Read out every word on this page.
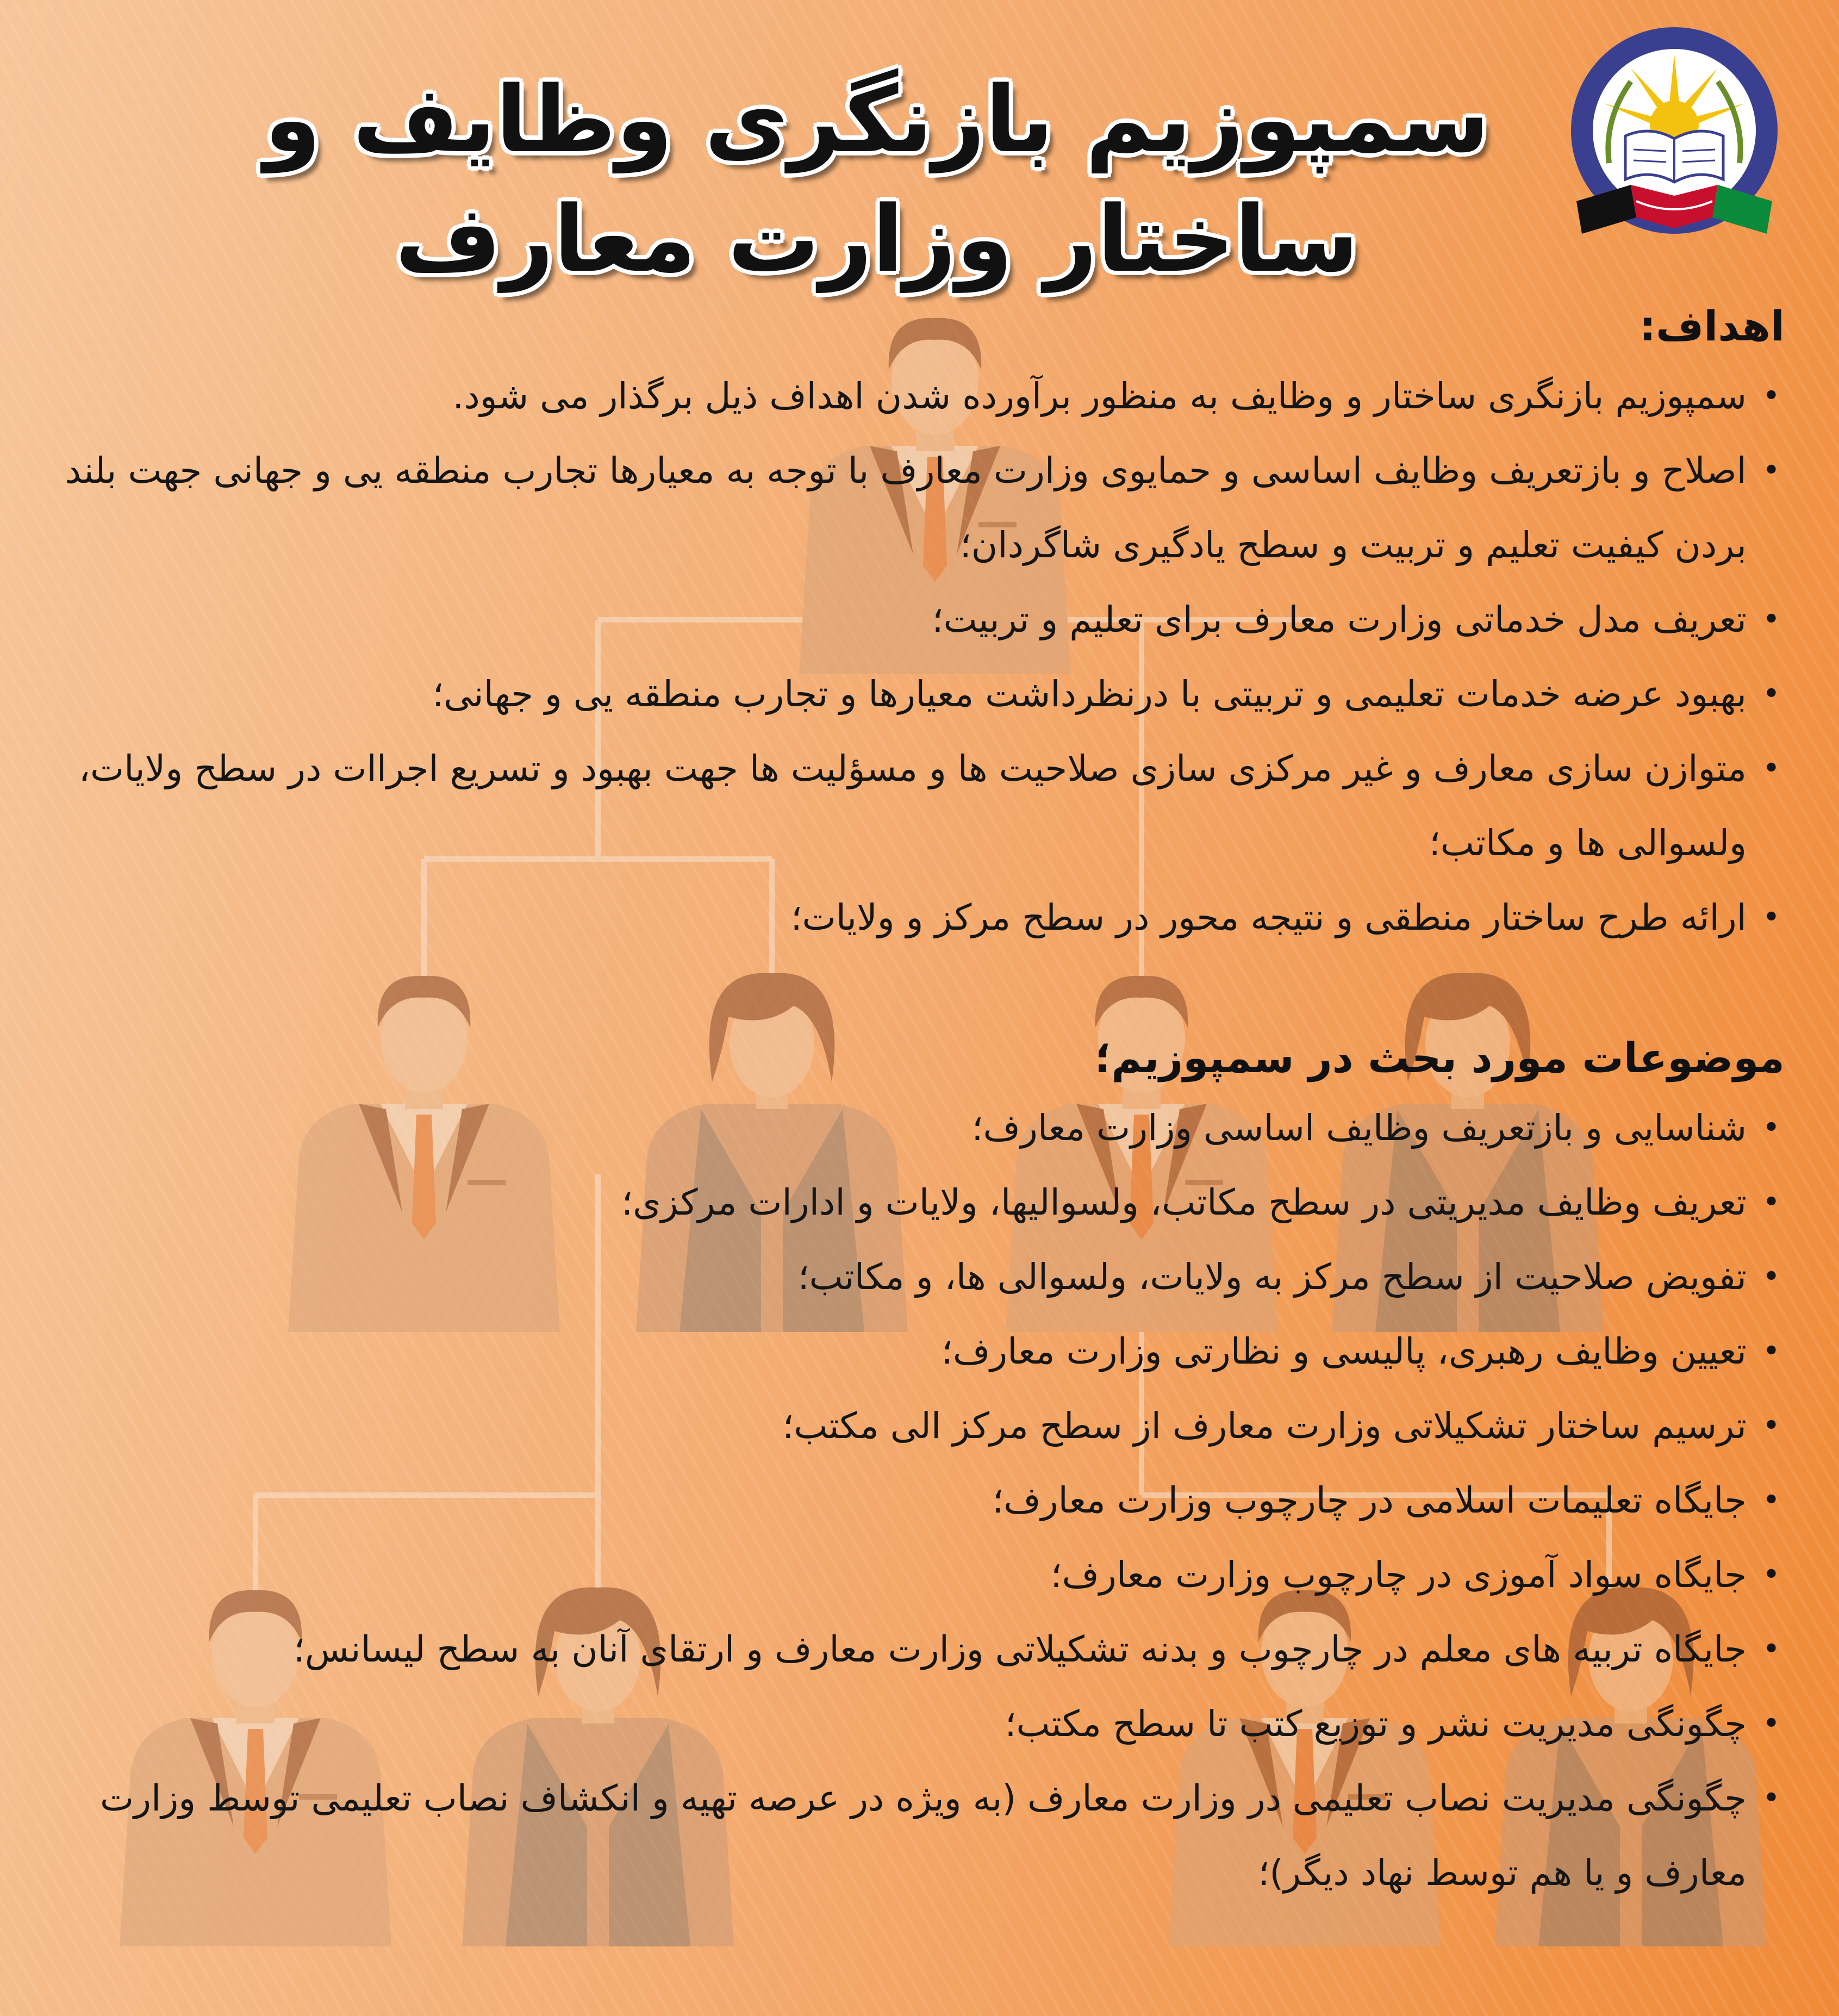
سمپوزیم بازنگری وظایف و ساختار وزارت معارف
اهداف:
•
سمپوزیم بازنگری ساختار و وظایف به منظور برآورده شدن اهداف ذیل برگذار می شود.
•
اصلاح و بازتعریف وظایف اساسی و حمایوی وزارت معارف با توجه به معیارها تجارب منطقه یی و جهانی جهت بلند بردن کیفیت تعلیم و تربیت و سطح یادگیری شاگردان؛
•
تعریف مدل خدماتی وزارت معارف برای تعلیم و تربیت؛
•
بهبود عرضه خدمات تعلیمی و تربیتی با درنظرداشت معیارها و تجارب منطقه یی و جهانی؛
•
متوازن سازی معارف و غیر مرکزی سازی صلاحیت ها و مسؤلیت ها جهت بهبود و تسریع اجراات در سطح ولایات، ولسوالی ها و مکاتب؛
•
ارائه طرح ساختار منطقی و نتیجه محور در سطح مرکز و ولایات؛
موضوعات مورد بحث در سمپوزیم؛
•
شناسایی و بازتعریف وظایف اساسی وزارت معارف؛
•
تعریف وظایف مدیریتی در سطح مکاتب، ولسوالیها، ولایات و ادارات مرکزی؛
•
تفویض صلاحیت از سطح مرکز به ولایات، ولسوالی ها، و مکاتب؛
•
تعیین وظایف رهبری، پالیسی و نظارتی وزارت معارف؛
•
ترسیم ساختار تشکیلاتی وزارت معارف از سطح مرکز الی مکتب؛
•
جایگاه تعلیمات اسلامی در چارچوب وزارت معارف؛
•
جایگاه سواد آموزی در چارچوب وزارت معارف؛
•
جایگاه تربیه های معلم در چارچوب و بدنه تشکیلاتی وزارت معارف و ارتقای آنان به سطح لیسانس؛
•
چگونگی مدیریت نشر و توزیع کتب تا سطح مکتب؛
•
چگونگی مدیریت نصاب تعلیمی در وزارت معارف (به ویژه در عرصه تهیه و انکشاف نصاب تعلیمی توسط وزارت معارف و یا هم توسط نهاد دیگر)؛
